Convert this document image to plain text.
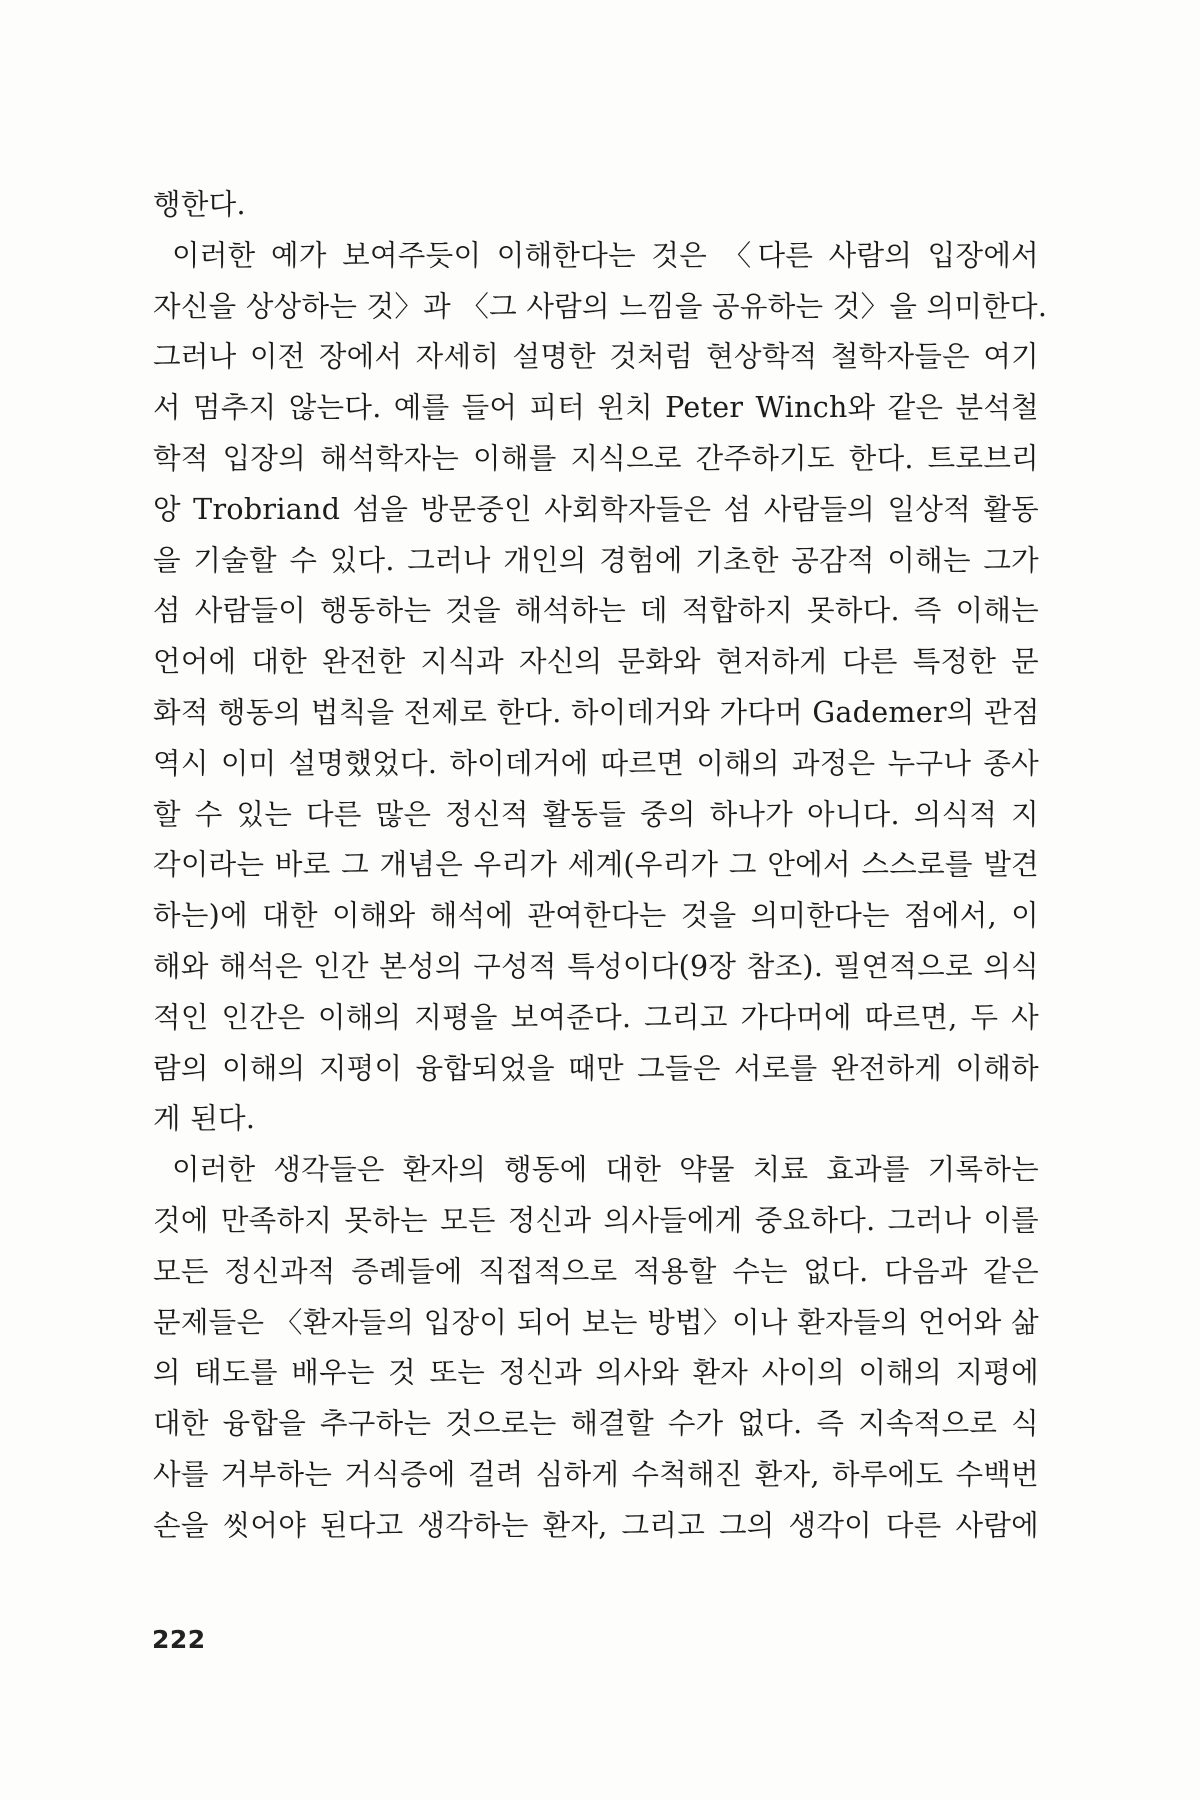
행한다.
이러한 예가 보여주듯이 이해한다는 것은 〈다른 사람의 입장에서
자신을 상상하는 것〉과 〈그 사람의 느낌을 공유하는 것〉을 의미한다.
그러나 이전 장에서 자세히 설명한 것처럼 현상학적 철학자들은 여기
서 멈추지 않는다. 예를 들어 피터 윈치 Peter Winch와 같은 분석철
학적 입장의 해석학자는 이해를 지식으로 간주하기도 한다. 트로브리
앙 Trobriand 섬을 방문중인 사회학자들은 섬 사람들의 일상적 활동
을 기술할 수 있다. 그러나 개인의 경험에 기초한 공감적 이해는 그가
섬 사람들이 행동하는 것을 해석하는 데 적합하지 못하다. 즉 이해는
언어에 대한 완전한 지식과 자신의 문화와 현저하게 다른 특정한 문
화적 행동의 법칙을 전제로 한다. 하이데거와 가다머 Gademer의 관점
역시 이미 설명했었다. 하이데거에 따르면 이해의 과정은 누구나 종사
할 수 있는 다른 많은 정신적 활동들 중의 하나가 아니다. 의식적 지
각이라는 바로 그 개념은 우리가 세계(우리가 그 안에서 스스로를 발견
하는)에 대한 이해와 해석에 관여한다는 것을 의미한다는 점에서, 이
해와 해석은 인간 본성의 구성적 특성이다(9장 참조). 필연적으로 의식
적인 인간은 이해의 지평을 보여준다. 그리고 가다머에 따르면, 두 사
람의 이해의 지평이 융합되었을 때만 그들은 서로를 완전하게 이해하
게 된다.
이러한 생각들은 환자의 행동에 대한 약물 치료 효과를 기록하는
것에 만족하지 못하는 모든 정신과 의사들에게 중요하다. 그러나 이를
모든 정신과적 증례들에 직접적으로 적용할 수는 없다. 다음과 같은
문제들은 〈환자들의 입장이 되어 보는 방법〉이나 환자들의 언어와 삶
의 태도를 배우는 것 또는 정신과 의사와 환자 사이의 이해의 지평에
대한 융합을 추구하는 것으로는 해결할 수가 없다. 즉 지속적으로 식
사를 거부하는 거식증에 걸려 심하게 수척해진 환자, 하루에도 수백번
손을 씻어야 된다고 생각하는 환자, 그리고 그의 생각이 다른 사람에
222
